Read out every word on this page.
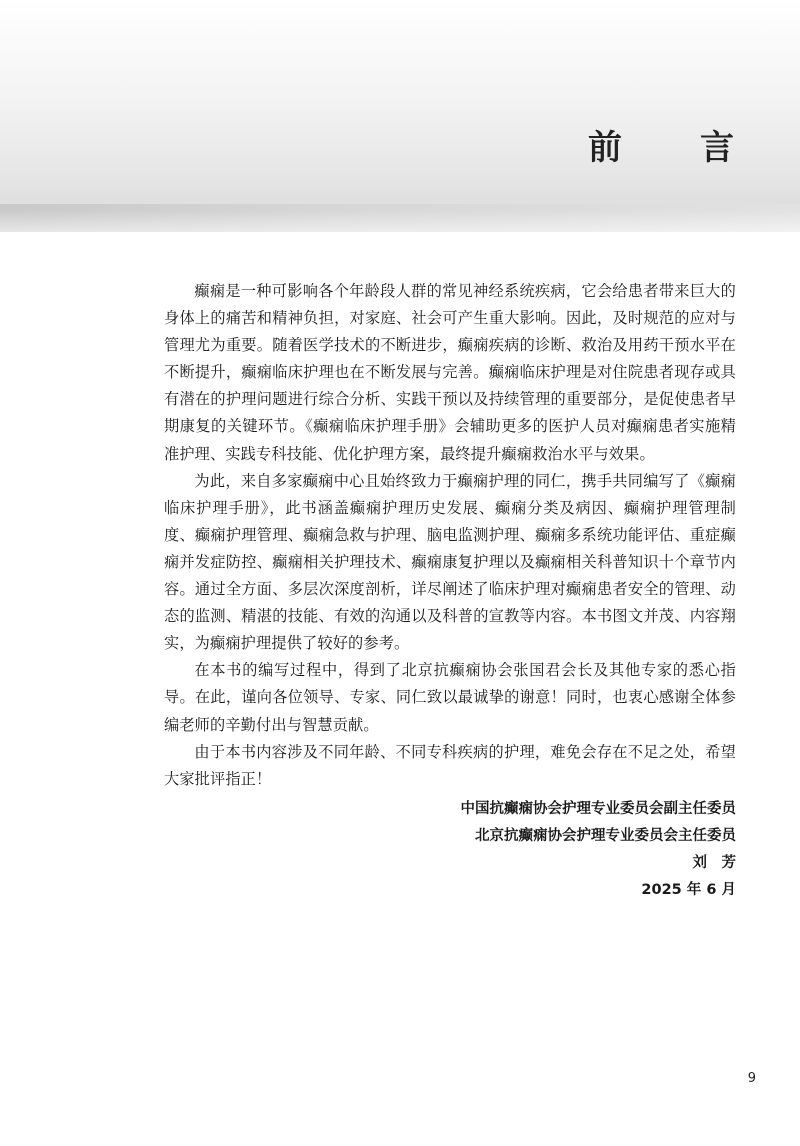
前　言

癫痫是一种可影响各个年龄段人群的常见神经系统疾病，它会给患者带来巨大的身体上的痛苦和精神负担，对家庭、社会可产生重大影响。因此，及时规范的应对与管理尤为重要。随着医学技术的不断进步，癫痫疾病的诊断、救治及用药干预水平在不断提升，癫痫临床护理也在不断发展与完善。癫痫临床护理是对住院患者现存或具有潜在的护理问题进行综合分析、实践干预以及持续管理的重要部分，是促使患者早期康复的关键环节。《癫痫临床护理手册》会辅助更多的医护人员对癫痫患者实施精准护理、实践专科技能、优化护理方案，最终提升癫痫救治水平与效果。

为此，来自多家癫痫中心且始终致力于癫痫护理的同仁，携手共同编写了《癫痫临床护理手册》，此书涵盖癫痫护理历史发展、癫痫分类及病因、癫痫护理管理制度、癫痫护理管理、癫痫急救与护理、脑电监测护理、癫痫多系统功能评估、重症癫痫并发症防控、癫痫相关护理技术、癫痫康复护理以及癫痫相关科普知识十个章节内容。通过全方面、多层次深度剖析，详尽阐述了临床护理对癫痫患者安全的管理、动态的监测、精湛的技能、有效的沟通以及科普的宣教等内容。本书图文并茂、内容翔实，为癫痫护理提供了较好的参考。

在本书的编写过程中，得到了北京抗癫痫协会张国君会长及其他专家的悉心指导。在此，谨向各位领导、专家、同仁致以最诚挚的谢意！同时，也衷心感谢全体参编老师的辛勤付出与智慧贡献。

由于本书内容涉及不同年龄、不同专科疾病的护理，难免会存在不足之处，希望大家批评指正！

中国抗癫痫协会护理专业委员会副主任委员
北京抗癫痫协会护理专业委员会主任委员
刘　芳
2025 年 6 月
9
